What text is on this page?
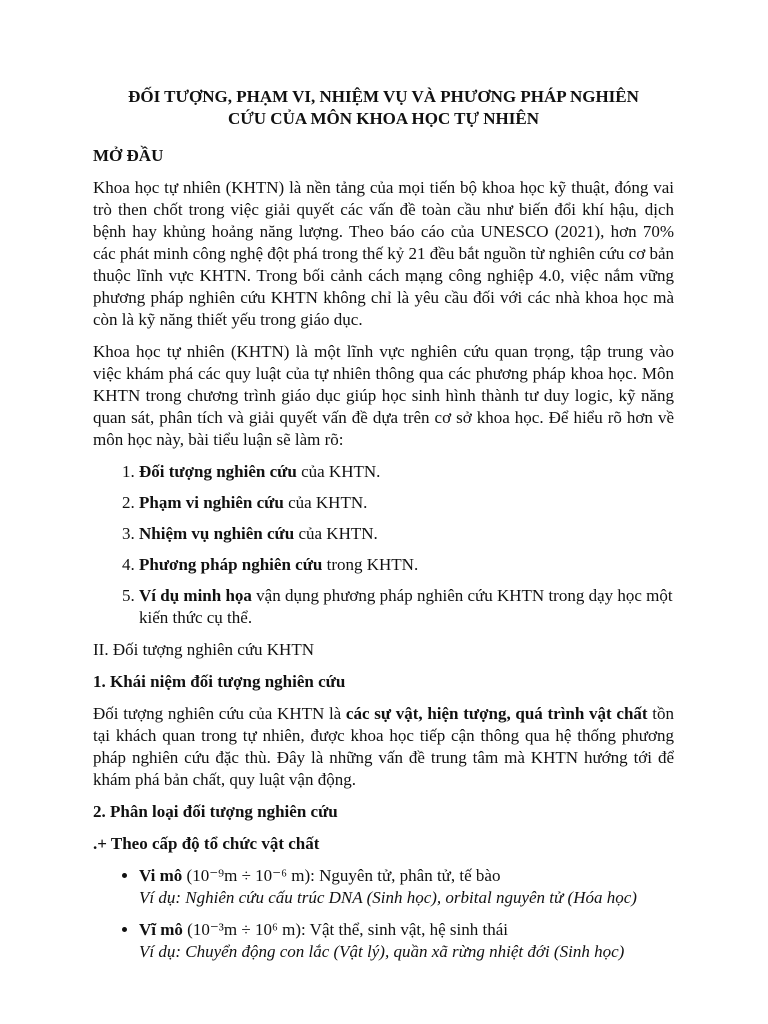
ĐỐI TƯỢNG, PHẠM VI, NHIỆM VỤ VÀ PHƯƠNG PHÁP NGHIÊN
CỨU CỦA MÔN KHOA HỌC TỰ NHIÊN
MỞ ĐẦU

Khoa học tự nhiên (KHTN) là nền tảng của mọi tiến bộ khoa học kỹ thuật, đóng vai trò then chốt trong việc giải quyết các vấn đề toàn cầu như biến đổi khí hậu, dịch bệnh hay khủng hoảng năng lượng. Theo báo cáo của UNESCO (2021), hơn 70% các phát minh công nghệ đột phá trong thế kỷ 21 đều bắt nguồn từ nghiên cứu cơ bản thuộc lĩnh vực KHTN. Trong bối cảnh cách mạng công nghiệp 4.0, việc nắm vững phương pháp nghiên cứu KHTN không chỉ là yêu cầu đối với các nhà khoa học mà còn là kỹ năng thiết yếu trong giáo dục.

Khoa học tự nhiên (KHTN) là một lĩnh vực nghiên cứu quan trọng, tập trung vào việc khám phá các quy luật của tự nhiên thông qua các phương pháp khoa học. Môn KHTN trong chương trình giáo dục giúp học sinh hình thành tư duy logic, kỹ năng quan sát, phân tích và giải quyết vấn đề dựa trên cơ sở khoa học. Để hiểu rõ hơn về môn học này, bài tiểu luận sẽ làm rõ:

1. Đối tượng nghiên cứu của KHTN.
2. Phạm vi nghiên cứu của KHTN.
3. Nhiệm vụ nghiên cứu của KHTN.
4. Phương pháp nghiên cứu trong KHTN.
5. Ví dụ minh họa vận dụng phương pháp nghiên cứu KHTN trong dạy học một kiến thức cụ thể.
II. Đối tượng nghiên cứu KHTN
1. Khái niệm đối tượng nghiên cứu

Đối tượng nghiên cứu của KHTN là các sự vật, hiện tượng, quá trình vật chất tồn tại khách quan trong tự nhiên, được khoa học tiếp cận thông qua hệ thống phương pháp nghiên cứu đặc thù. Đây là những vấn đề trung tâm mà KHTN hướng tới để khám phá bản chất, quy luật vận động.

2. Phân loại đối tượng nghiên cứu
.+ Theo cấp độ tổ chức vật chất
• Vi mô (10⁻⁹m ÷ 10⁻⁶ m): Nguyên tử, phân tử, tế bào
Ví dụ: Nghiên cứu cấu trúc DNA (Sinh học), orbital nguyên tử (Hóa học)
• Vĩ mô (10⁻³m ÷ 10⁶ m): Vật thể, sinh vật, hệ sinh thái
Ví dụ: Chuyển động con lắc (Vật lý), quần xã rừng nhiệt đới (Sinh học)
